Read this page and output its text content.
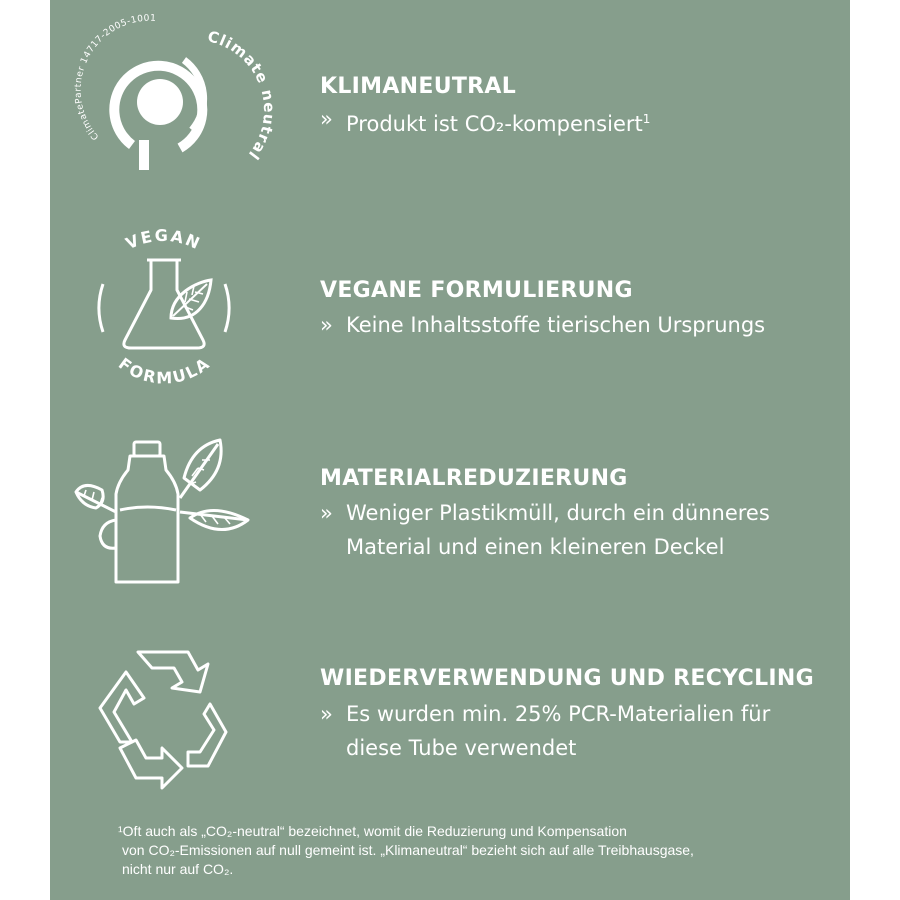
ClimatePartner 14717-2005-1001
Climate neutral
KLIMANEUTRAL

» Produkt ist CO₂-kompensiert$^1$

VEGAN
FORMULA
VEGANE FORMULIERUNG

» Keine Inhaltsstoffe tierischen Ursprungs

MATERIALREDUZIERUNG

» Weniger Plastikmüll, durch ein dünneres Material und einen kleineren Deckel

WIEDERVERWENDUNG UND RECYCLING

» Es wurden min. 25% PCR-Materialien für diese Tube verwendet

¹Oft auch als „CO₂-neutral“ bezeichnet, womit die Reduzierung und Kompensation
von CO₂-Emissionen auf null gemeint ist. „Klimaneutral“ bezieht sich auf alle Treibhausgase,
nicht nur auf CO₂.
